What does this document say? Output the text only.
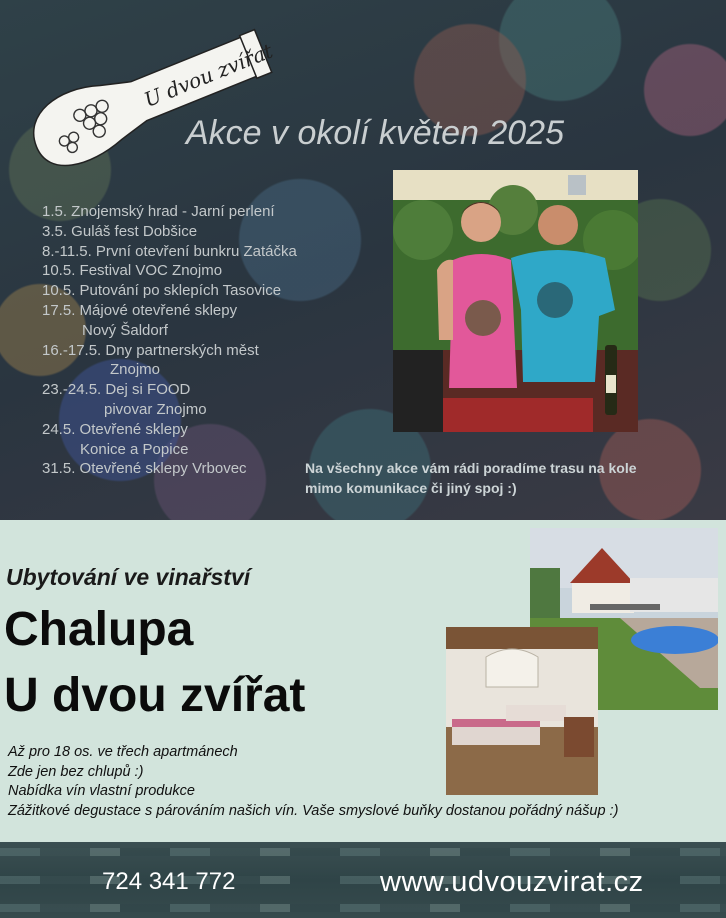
U dvou zvířat
Akce v okolí květen 2025
1.5. Znojemský hrad - Jarní perlení
3.5. Guláš fest Dobšice
8.-11.5. První otevření bunkru Zatáčka
10.5. Festival VOC Znojmo
10.5. Putování po sklepích Tasovice
17.5. Májové otevřené sklepy
Nový Šaldorf
16.-17.5. Dny partnerských měst
Znojmo
23.-24.5. Dej si FOOD
pivovar Znojmo
24.5. Otevřené sklepy
Konice a Popice
31.5. Otevřené sklepy Vrbovec	Na všechny akce vám rádi poradíme trasu na kole
mimo komunikace či jiný spoj :)

Ubytování ve vinařství
Chalupa
U dvou zvířat
Až pro 18 os. ve třech apartmánech
Zde jen bez chlupů :)
Nabídka vín vlastní produkce
Zážitkové degustace s párováním našich vín. Vaše smyslové buňky dostanou pořádný nášup :)

724 341 772	www.udvouzvirat.cz
